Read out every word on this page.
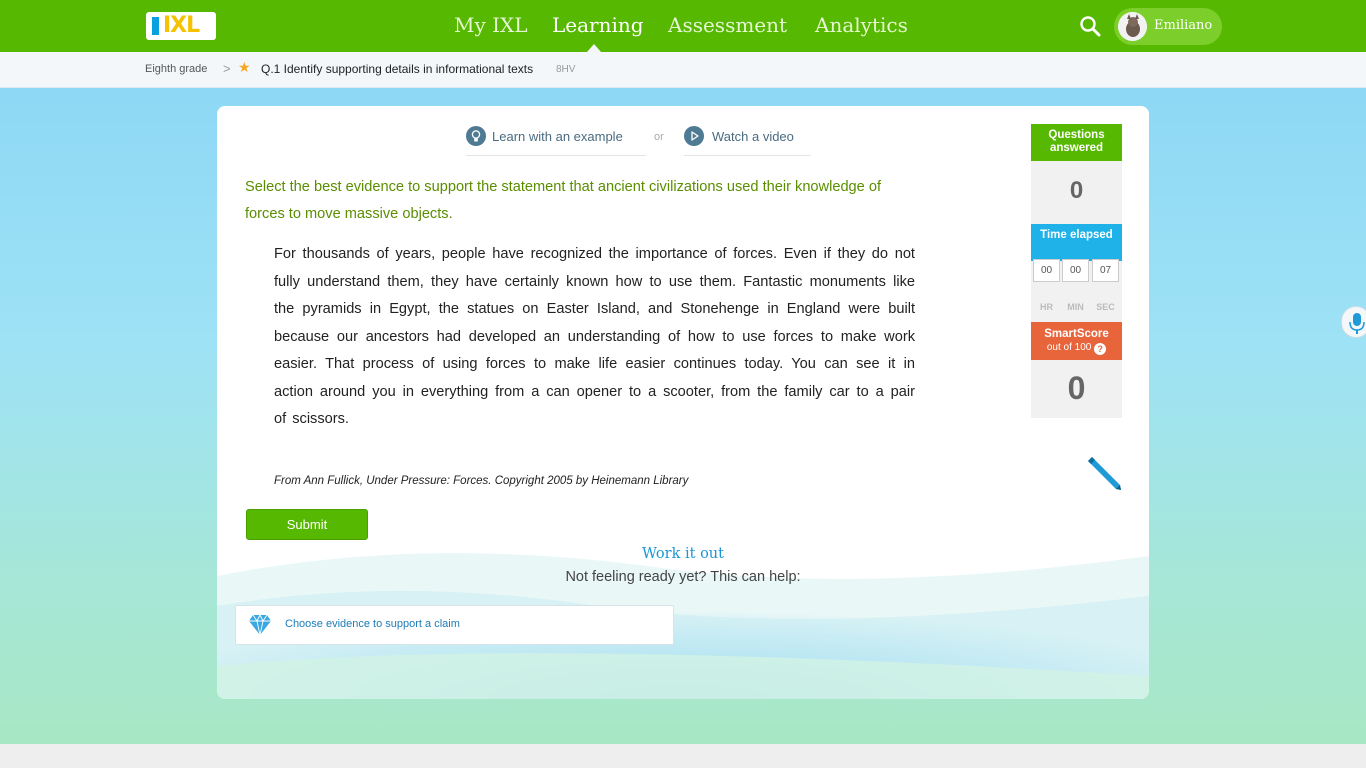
IXL	My IXL Learning Assessment Analytics	Emiliano
Eighth grade > ★ Q.1 Identify supporting details in informational texts 8HV
Learn with an example	or	Watch a video
Select the best evidence to support the statement that ancient civilizations used their knowledge of forces to move massive objects.
For thousands of years, people have recognized the importance of forces. Even if they do not fully understand them, they have certainly known how to use them. Fantastic monuments like the pyramids in Egypt, the statues on Easter Island, and Stonehenge in England were built because our ancestors had developed an understanding of how to use forces to make work easier. That process of using forces to make life easier continues today. You can see it in action around you in everything from a can opener to a scooter, from the family car to a pair of scissors.
From Ann Fullick, Under Pressure: Forces. Copyright 2005 by Heinemann Library
Submit
Work it out
Not feeling ready yet? This can help:
Choose evidence to support a claim
Questions answered
0
Time elapsed
00	00	07
HR	MIN	SEC
SmartScore
out of 100 ?
0
